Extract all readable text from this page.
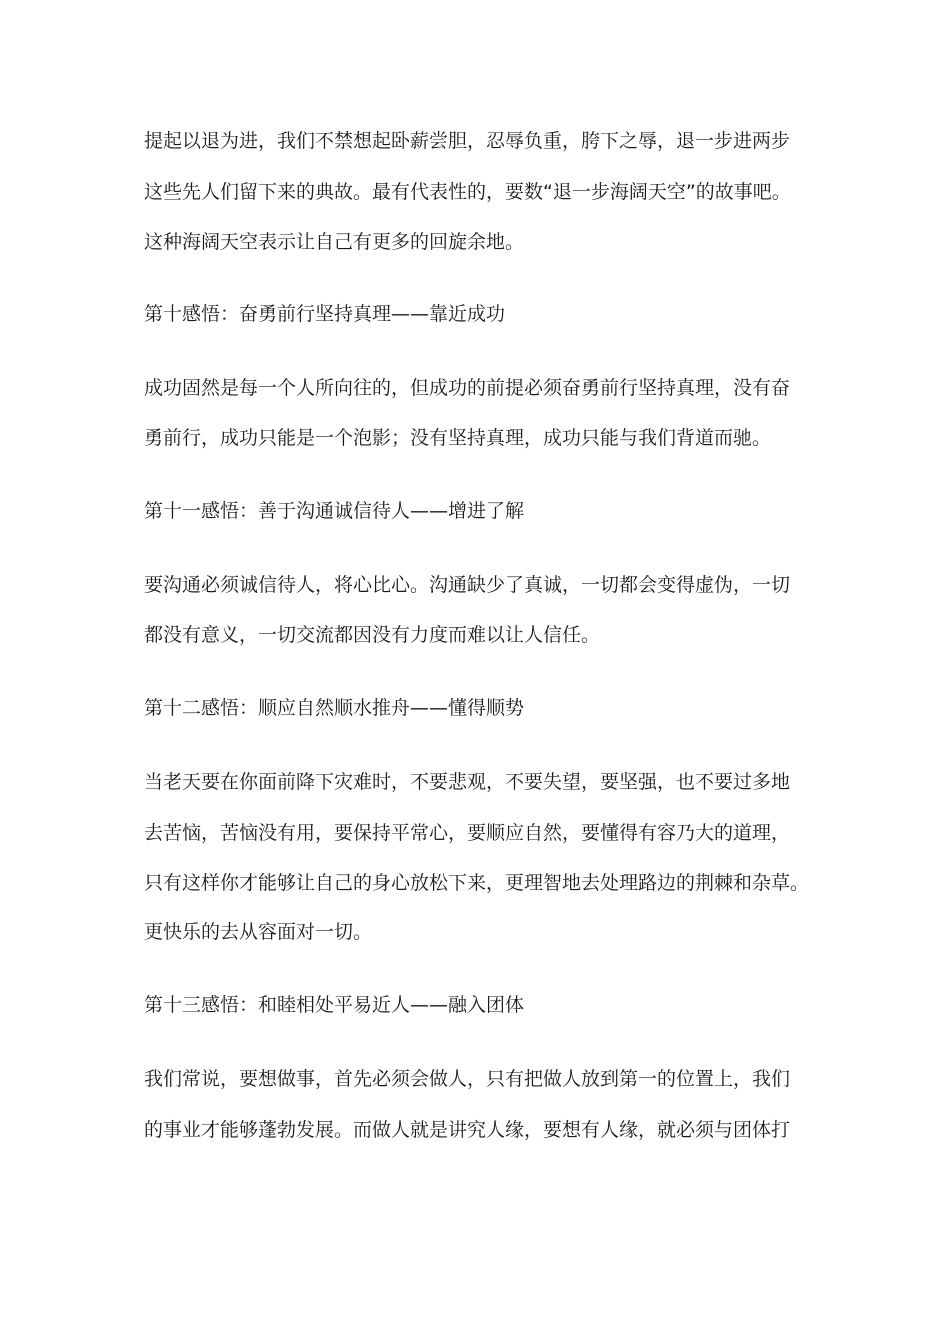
提起以退为进，我们不禁想起卧薪尝胆，忍辱负重，胯下之辱，退一步进两步
这些先人们留下来的典故。最有代表性的，要数“退一步海阔天空”的故事吧。
这种海阔天空表示让自己有更多的回旋余地。
第十感悟：奋勇前行坚持真理——靠近成功
成功固然是每一个人所向往的，但成功的前提必须奋勇前行坚持真理，没有奋
勇前行，成功只能是一个泡影；没有坚持真理，成功只能与我们背道而驰。
第十一感悟：善于沟通诚信待人——增进了解
要沟通必须诚信待人，将心比心。沟通缺少了真诚，一切都会变得虚伪，一切
都没有意义，一切交流都因没有力度而难以让人信任。
第十二感悟：顺应自然顺水推舟——懂得顺势
当老天要在你面前降下灾难时，不要悲观，不要失望，要坚强，也不要过多地
去苦恼，苦恼没有用，要保持平常心，要顺应自然，要懂得有容乃大的道理，
只有这样你才能够让自己的身心放松下来，更理智地去处理路边的荆棘和杂草。
更快乐的去从容面对一切。
第十三感悟：和睦相处平易近人——融入团体
我们常说，要想做事，首先必须会做人，只有把做人放到第一的位置上，我们
的事业才能够蓬勃发展。而做人就是讲究人缘，要想有人缘，就必须与团体打
